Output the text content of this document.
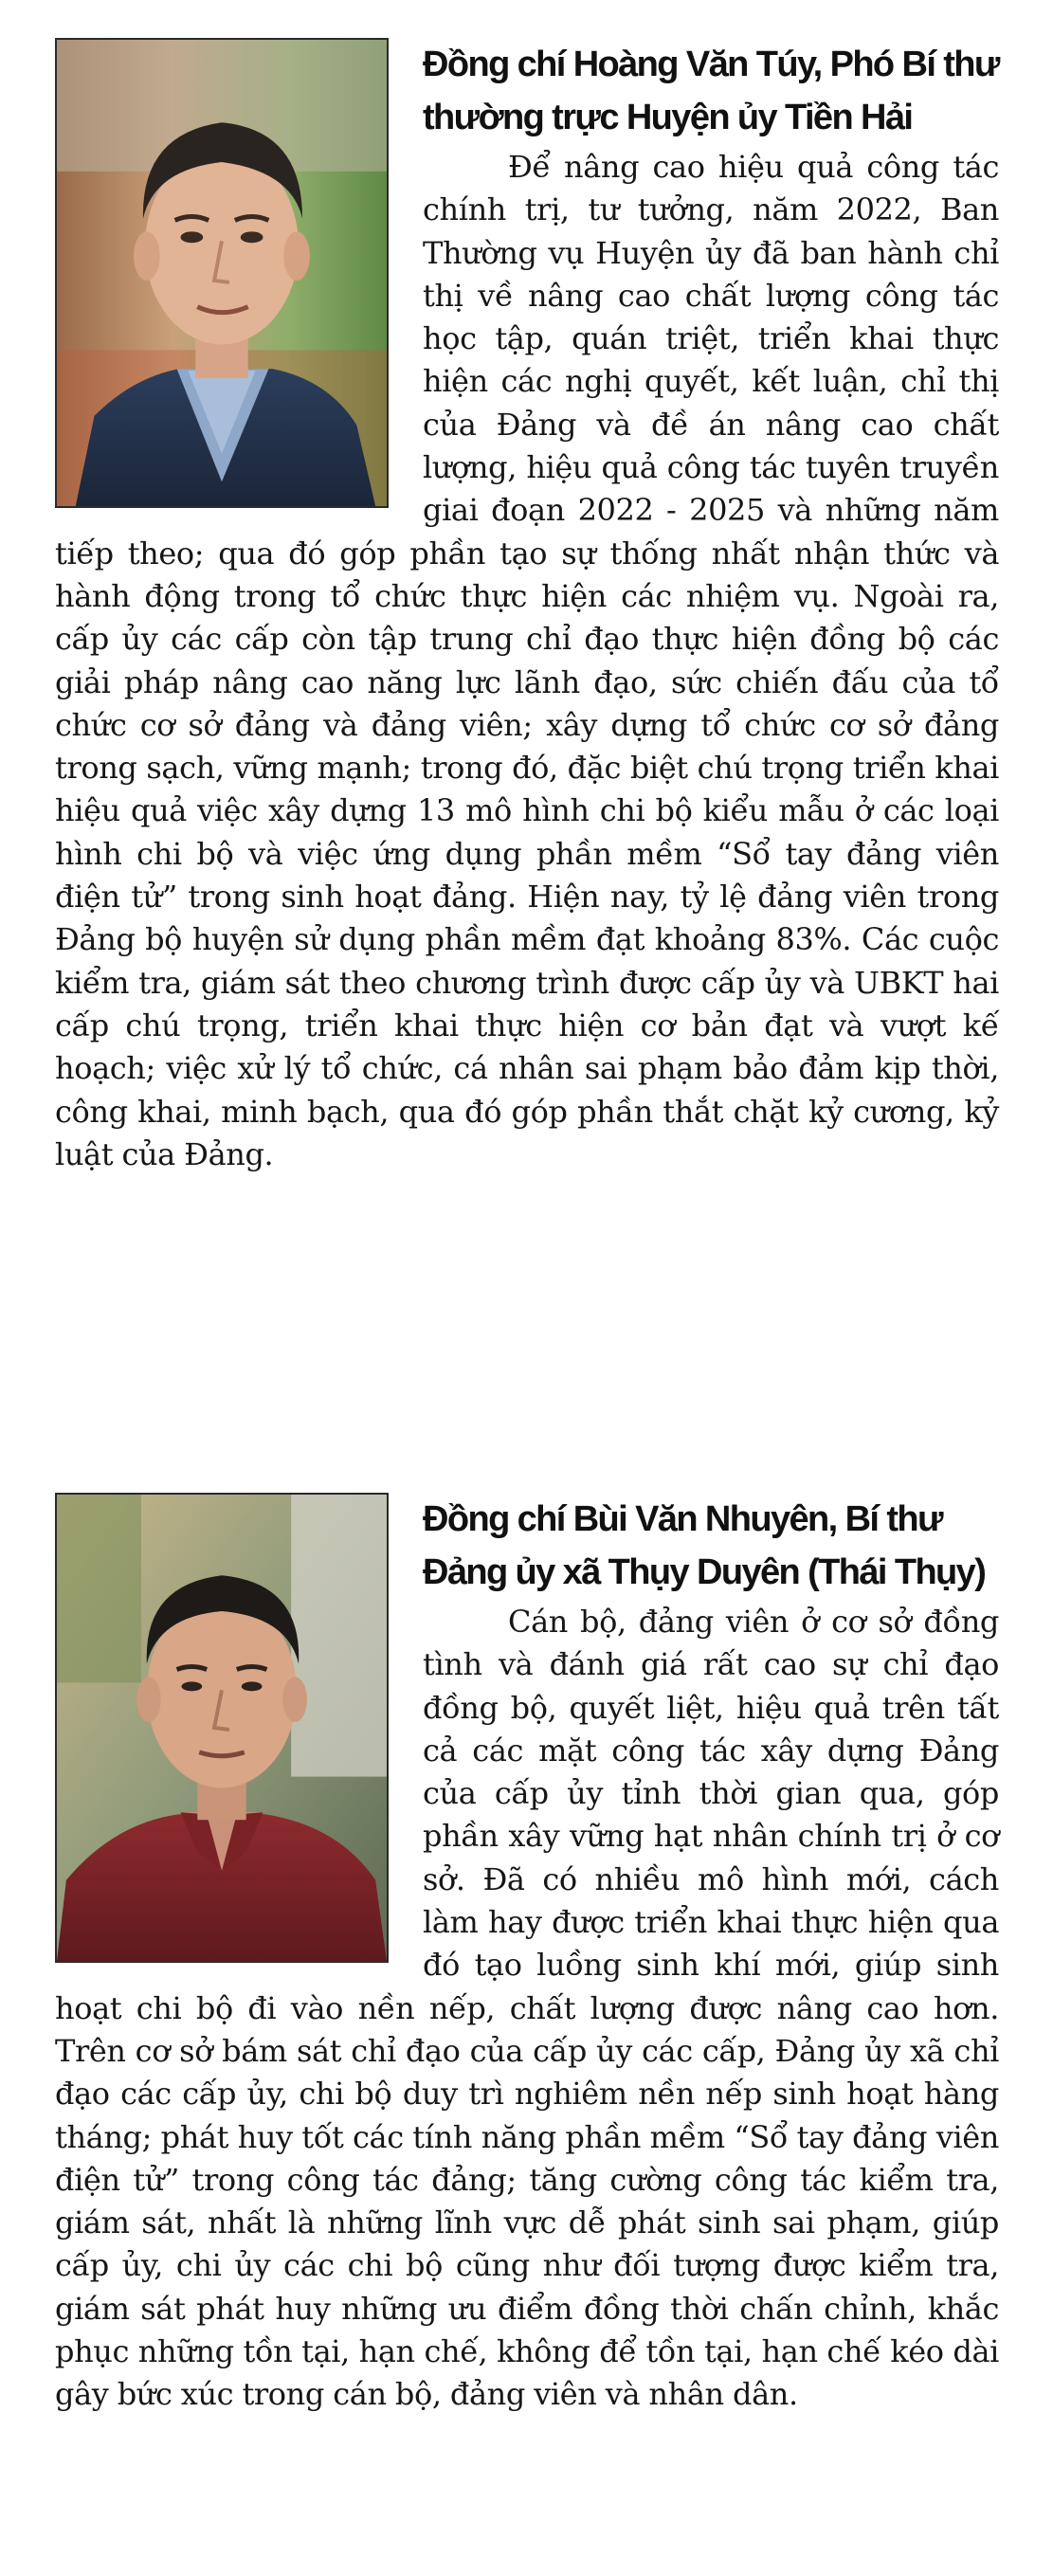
Đồng chí Hoàng Văn Túy, Phó Bí thư
thường trực Huyện ủy Tiền Hải

Để nâng cao hiệu quả công tác chính trị, tư tưởng, năm 2022, Ban Thường vụ Huyện ủy đã ban hành chỉ thị về nâng cao chất lượng công tác học tập, quán triệt, triển khai thực hiện các nghị quyết, kết luận, chỉ thị của Đảng và đề án nâng cao chất lượng, hiệu quả công tác tuyên truyền giai đoạn 2022 - 2025 và những năm tiếp theo; qua đó góp phần tạo sự thống nhất nhận thức và hành động trong tổ chức thực hiện các nhiệm vụ. Ngoài ra, cấp ủy các cấp còn tập trung chỉ đạo thực hiện đồng bộ các giải pháp nâng cao năng lực lãnh đạo, sức chiến đấu của tổ chức cơ sở đảng và đảng viên; xây dựng tổ chức cơ sở đảng trong sạch, vững mạnh; trong đó, đặc biệt chú trọng triển khai hiệu quả việc xây dựng 13 mô hình chi bộ kiểu mẫu ở các loại hình chi bộ và việc ứng dụng phần mềm “Sổ tay đảng viên điện tử” trong sinh hoạt đảng. Hiện nay, tỷ lệ đảng viên trong Đảng bộ huyện sử dụng phần mềm đạt khoảng 83%. Các cuộc kiểm tra, giám sát theo chương trình được cấp ủy và UBKT hai cấp chú trọng, triển khai thực hiện cơ bản đạt và vượt kế hoạch; việc xử lý tổ chức, cá nhân sai phạm bảo đảm kịp thời, công khai, minh bạch, qua đó góp phần thắt chặt kỷ cương, kỷ luật của Đảng.

Đồng chí Bùi Văn Nhuyên, Bí thư
Đảng ủy xã Thụy Duyên (Thái Thụy)

Cán bộ, đảng viên ở cơ sở đồng tình và đánh giá rất cao sự chỉ đạo đồng bộ, quyết liệt, hiệu quả trên tất cả các mặt công tác xây dựng Đảng của cấp ủy tỉnh thời gian qua, góp phần xây vững hạt nhân chính trị ở cơ sở. Đã có nhiều mô hình mới, cách làm hay được triển khai thực hiện qua đó tạo luồng sinh khí mới, giúp sinh hoạt chi bộ đi vào nền nếp, chất lượng được nâng cao hơn. Trên cơ sở bám sát chỉ đạo của cấp ủy các cấp, Đảng ủy xã chỉ đạo các cấp ủy, chi bộ duy trì nghiêm nền nếp sinh hoạt hàng tháng; phát huy tốt các tính năng phần mềm “Sổ tay đảng viên điện tử” trong công tác đảng; tăng cường công tác kiểm tra, giám sát, nhất là những lĩnh vực dễ phát sinh sai phạm, giúp cấp ủy, chi ủy các chi bộ cũng như đối tượng được kiểm tra, giám sát phát huy những ưu điểm đồng thời chấn chỉnh, khắc phục những tồn tại, hạn chế, không để tồn tại, hạn chế kéo dài gây bức xúc trong cán bộ, đảng viên và nhân dân.
